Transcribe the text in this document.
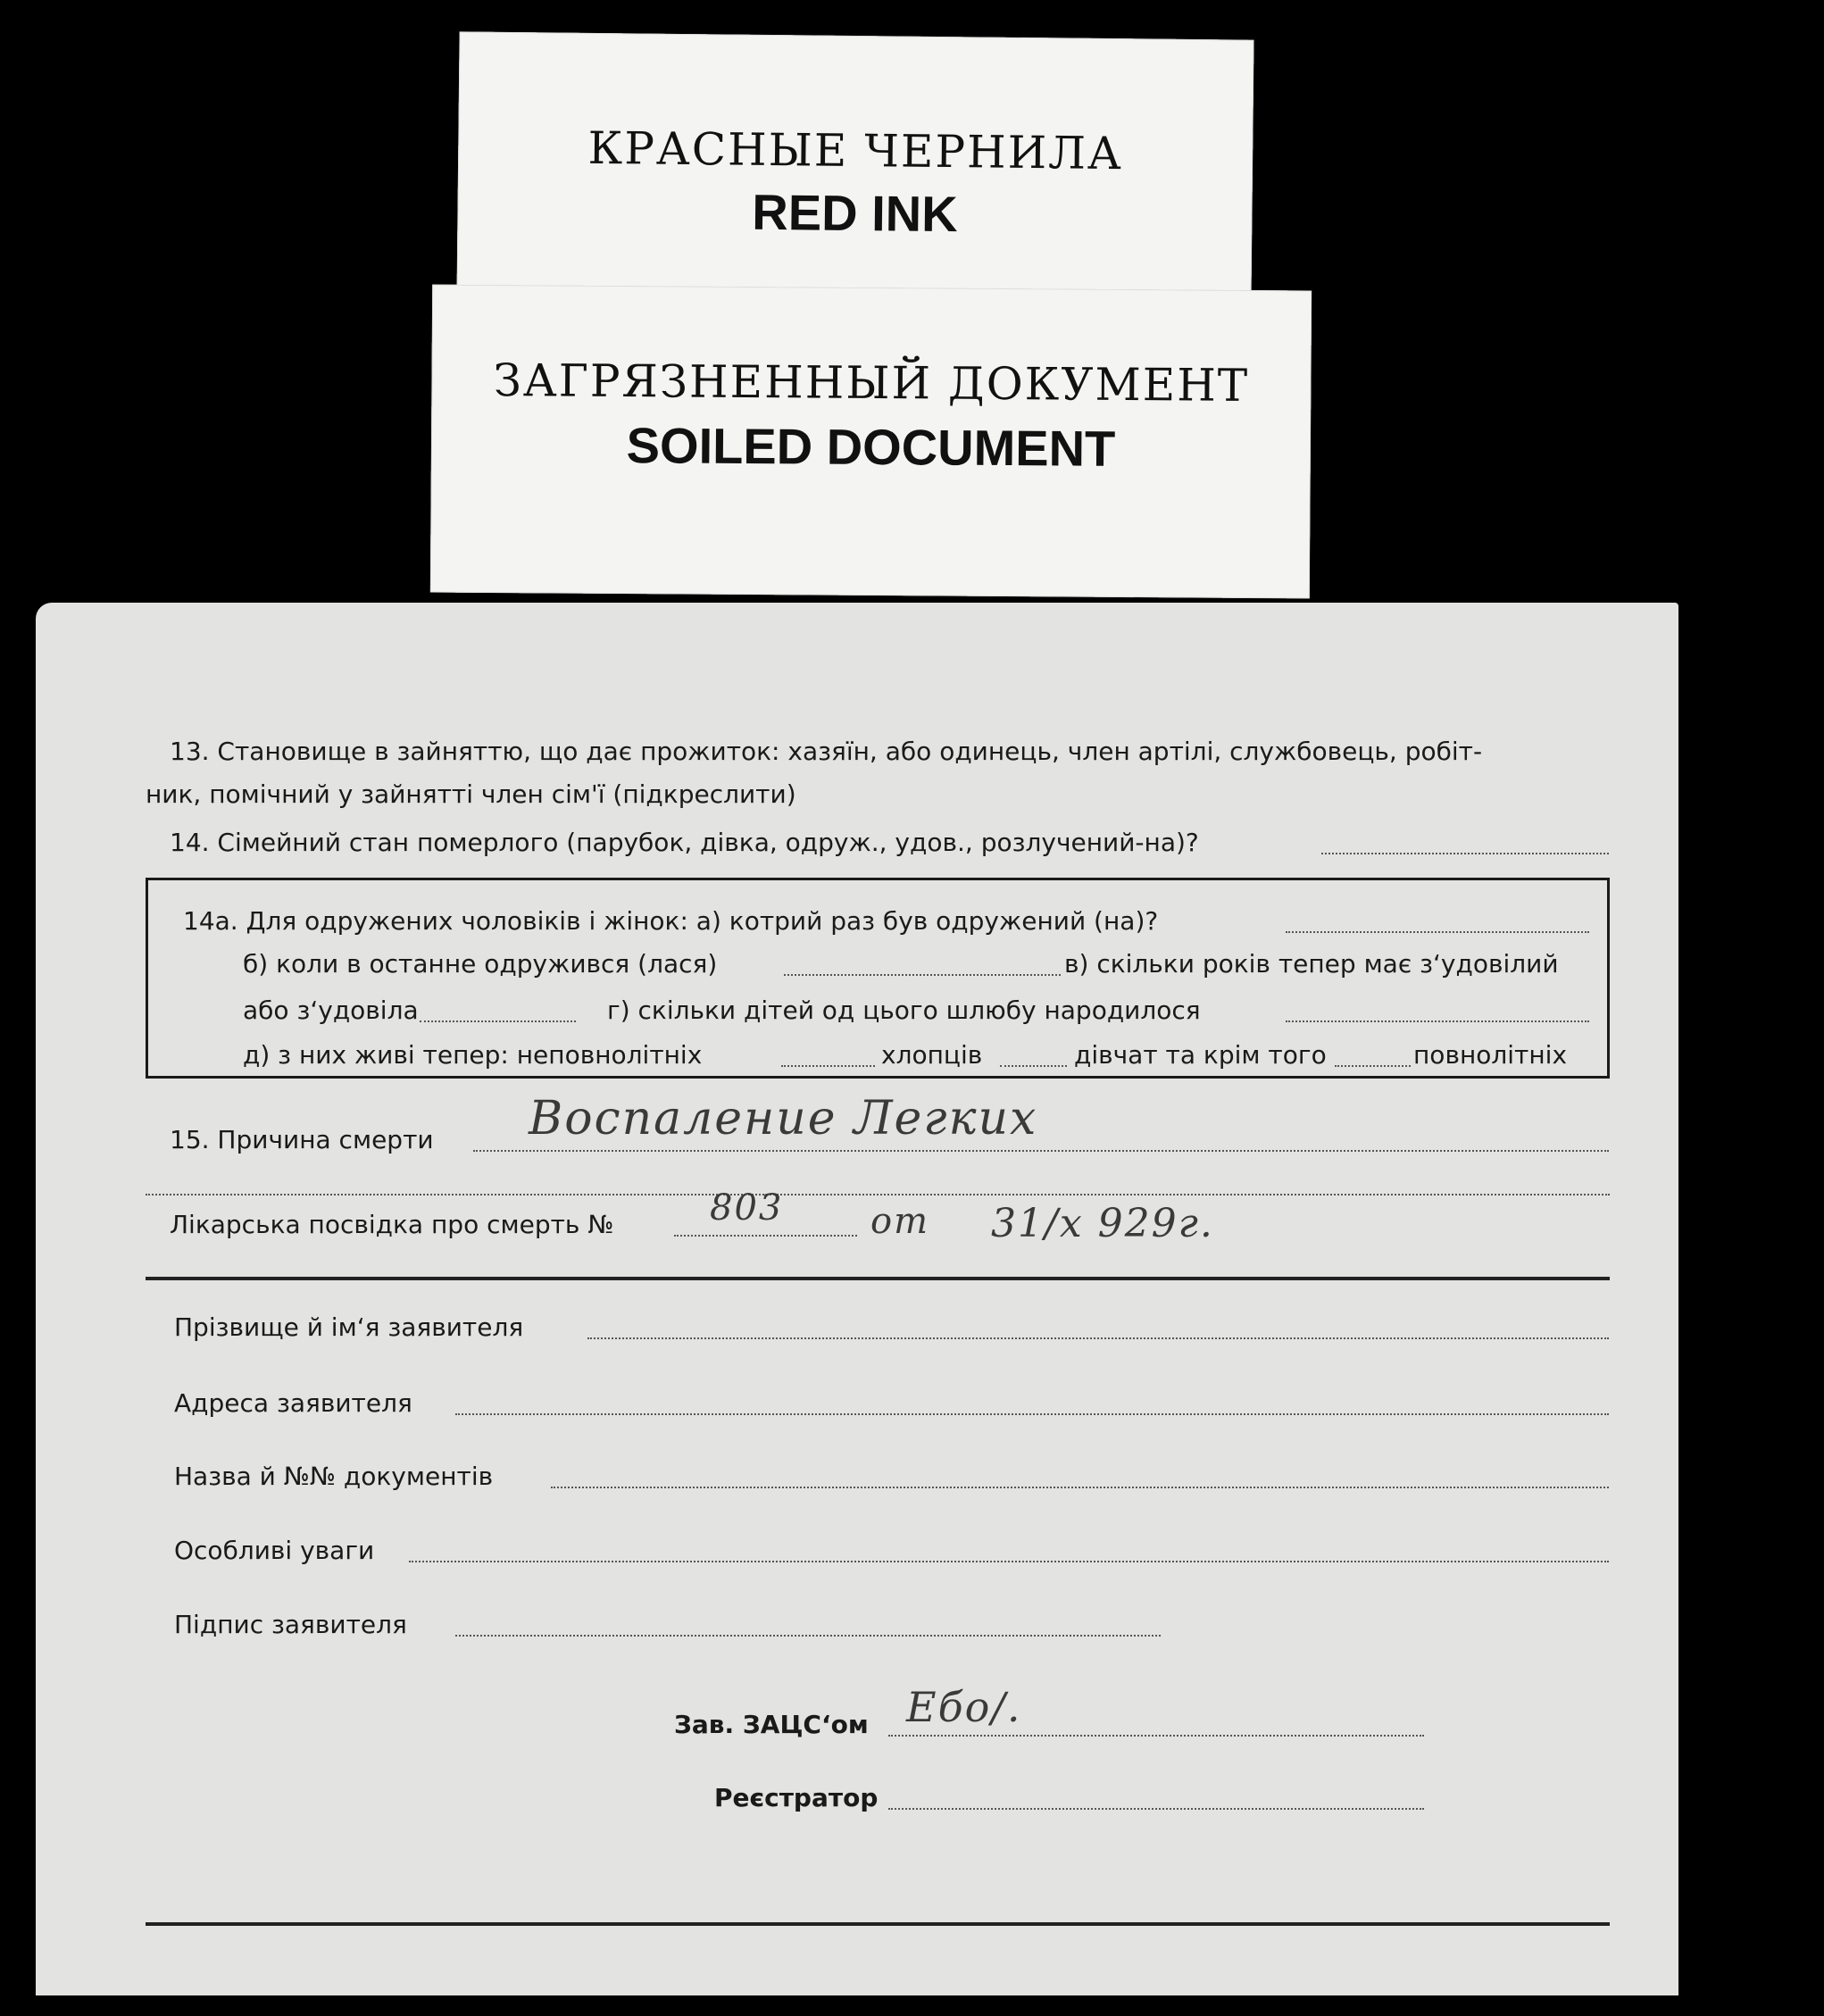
КРАСНЫЕ ЧЕРНИЛА
RED INK
ЗАГРЯЗНЕННЫЙ ДОКУМЕНТ
SOILED DOCUMENT
13. Становище в зайняттю, що дає прожиток: хазяїн, або одинець, член артілі, службовець, робіт-
ник, помічний у зайнятті член сім'ї (підкреслити)
14. Сімейний стан померлого (парубок, дівка, одруж., удов., розлучений-на)?
14а. Для одружених чоловіків і жінок: а) котрий раз був одружений (на)?
б) коли в останне одружився (лася)	в) скільки років тепер має з‘удовілий
або з‘удовіла	г) скільки дітей од цього шлюбу народилося
д) з них живі тепер: неповнолітніх	хлопців	дівчат та крім того	повнолітніх
15. Причина смерти Воспалeние Легких
Лікарська посвідка про смерть №	803 от 31/x 929г.
Прізвище й ім‘я заявителя
Адреса заявителя
Назва й №№ документів
Особливі уваги
Підпис заявителя
Зав. ЗАЦС‘ом Ебо/.
Реєстратор
